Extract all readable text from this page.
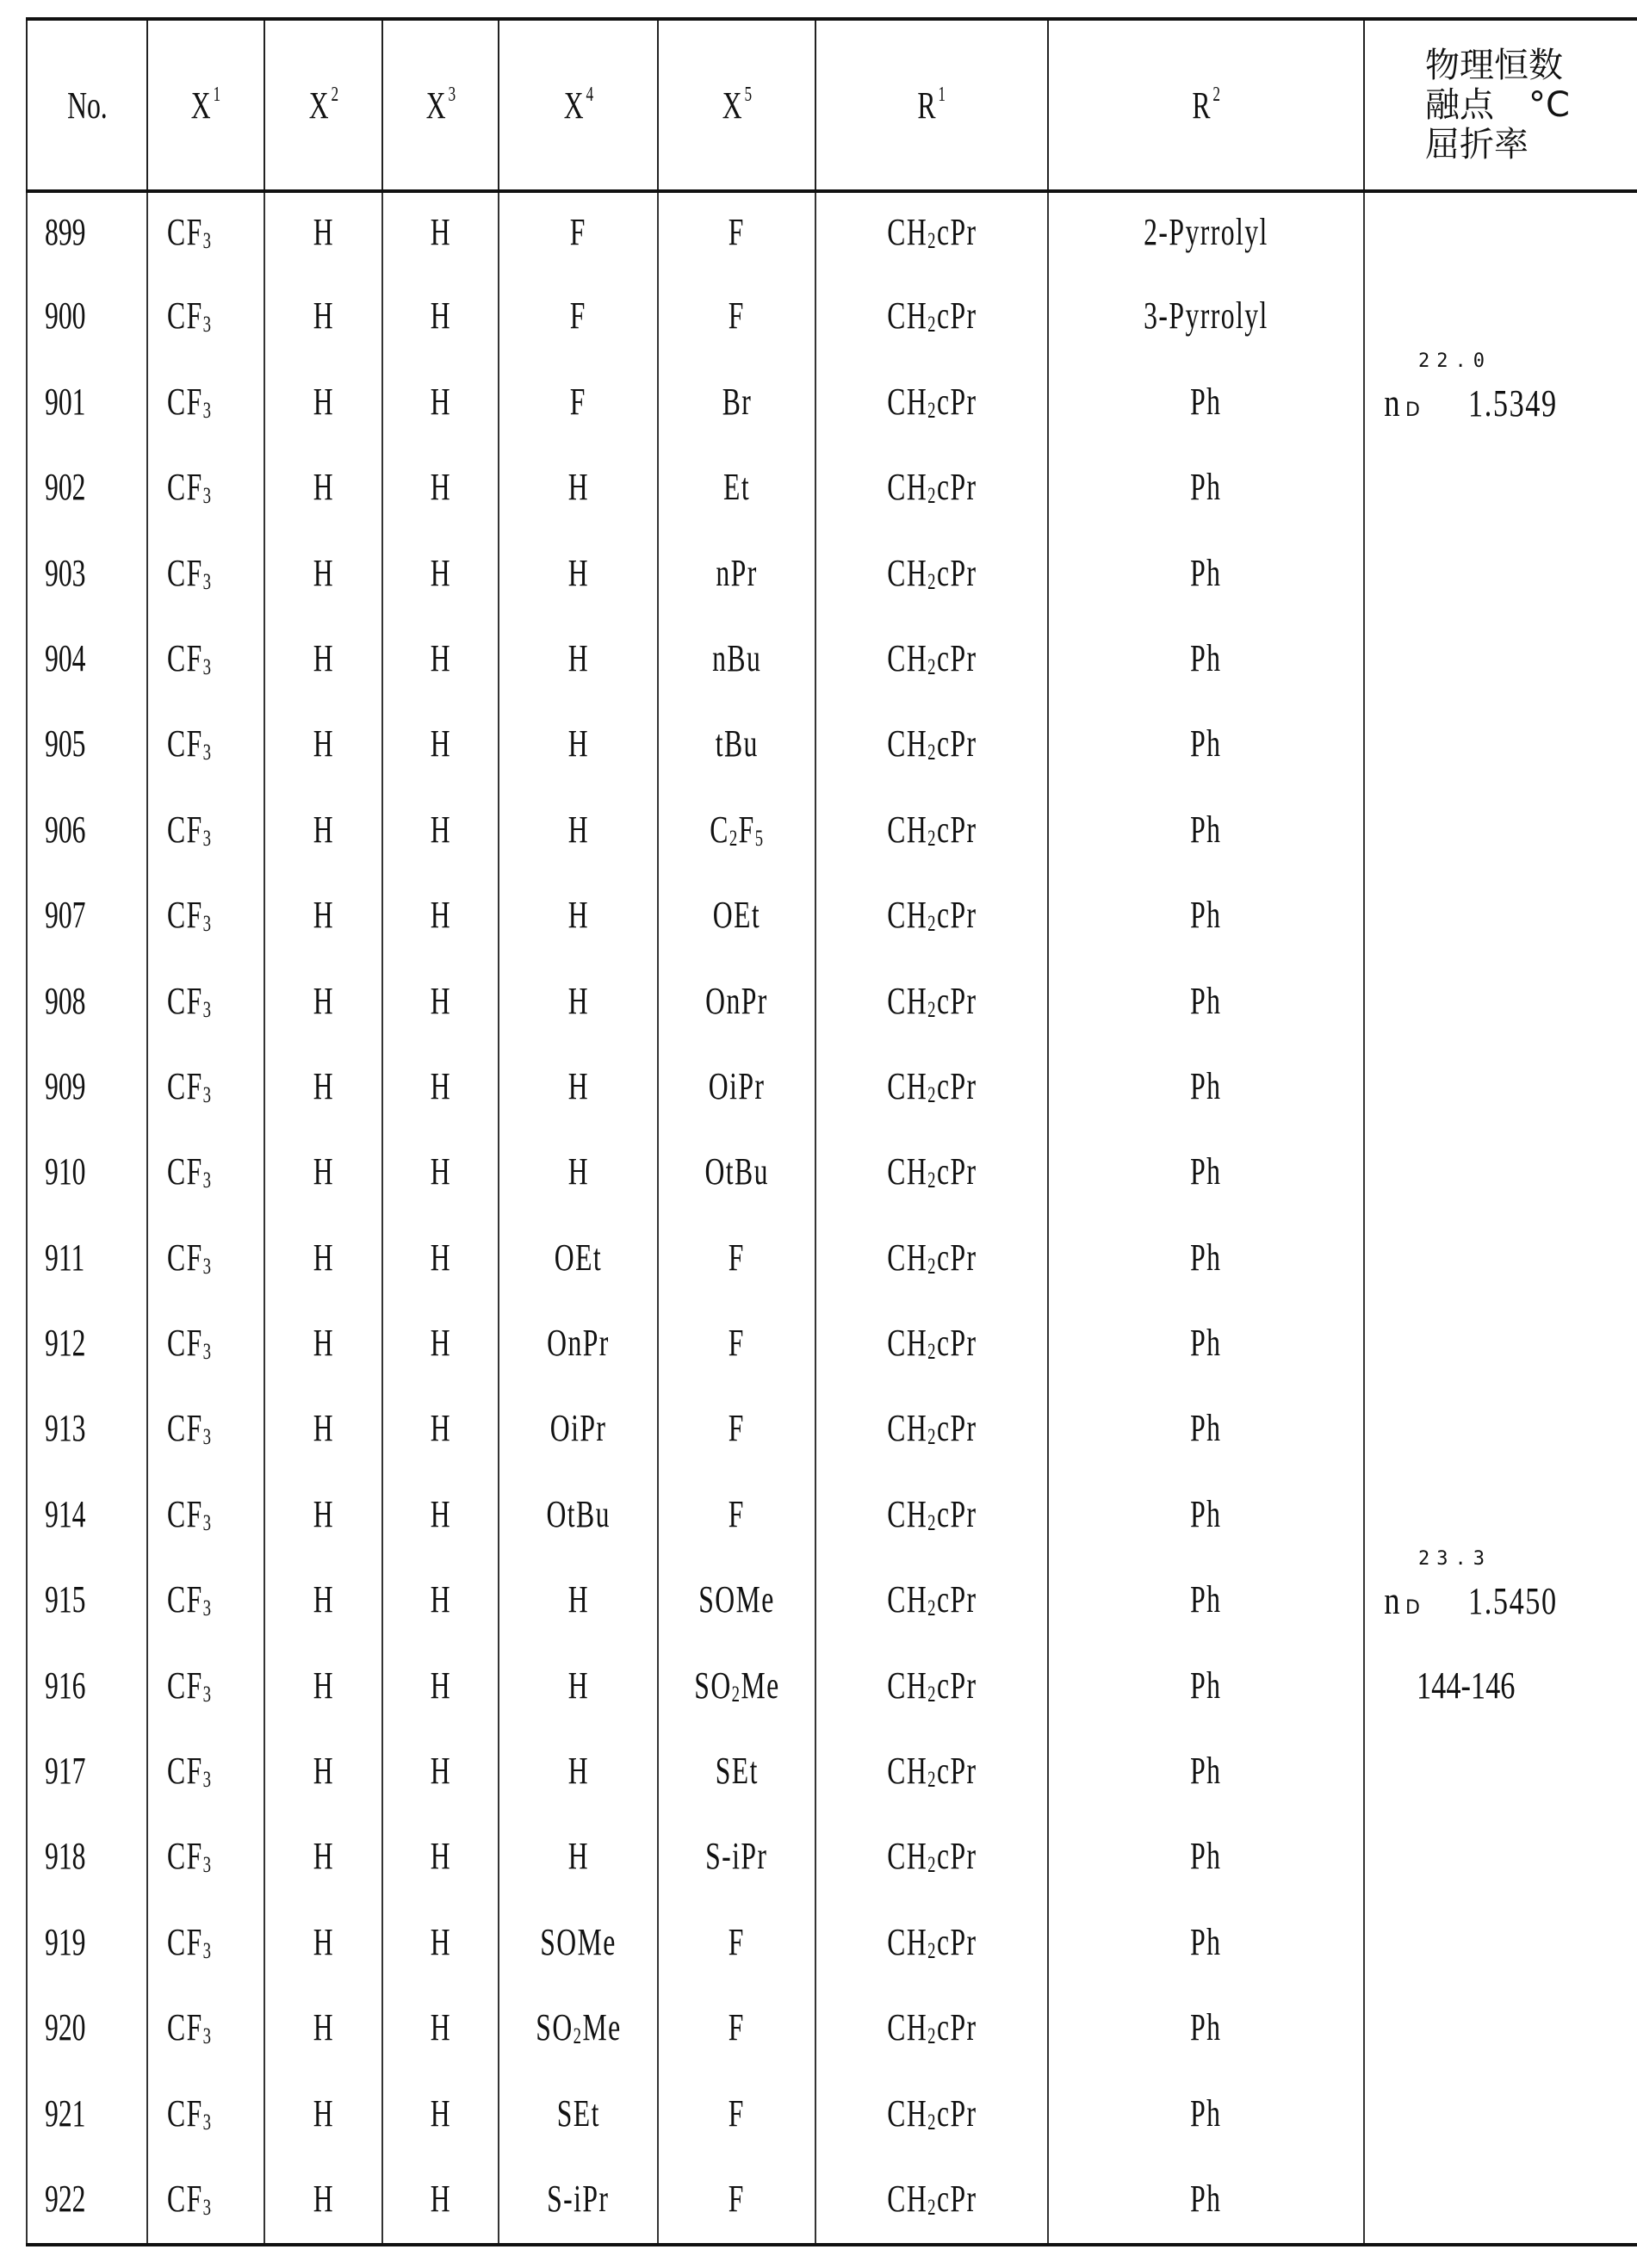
No.	X $^1$	X $^2$	X $^3$	X $^4$	X $^5$	R $^1$	R $^2$	物理恒数
融点　°C
屈折率

899	$CF_3$	H	H	F	F	$CH_2cPr$	2-Pyrrolyl	
900	$CF_3$	H	H	F	F	$CH_2cPr$	3-Pyrrolyl	
901	$CF_3$	H	H	F	Br	$CH_2cPr$	Ph	22.0
n D 1.5349
902	$CF_3$	H	H	H	Et	$CH_2cPr$	Ph	
903	$CF_3$	H	H	H	nPr	$CH_2cPr$	Ph	
904	$CF_3$	H	H	H	nBu	$CH_2cPr$	Ph	
905	$CF_3$	H	H	H	tBu	$CH_2cPr$	Ph	
906	$CF_3$	H	H	H	$C_2F_5$	$CH_2cPr$	Ph	
907	$CF_3$	H	H	H	OEt	$CH_2cPr$	Ph	
908	$CF_3$	H	H	H	OnPr	$CH_2cPr$	Ph	
909	$CF_3$	H	H	H	OiPr	$CH_2cPr$	Ph	
910	$CF_3$	H	H	H	OtBu	$CH_2cPr$	Ph	
911	$CF_3$	H	H	OEt	F	$CH_2cPr$	Ph	
912	$CF_3$	H	H	OnPr	F	$CH_2cPr$	Ph	
913	$CF_3$	H	H	OiPr	F	$CH_2cPr$	Ph	
914	$CF_3$	H	H	OtBu	F	$CH_2cPr$	Ph	
915	$CF_3$	H	H	H	SOMe	$CH_2cPr$	Ph	23.3
n D 1.5450
916	$CF_3$	H	H	H	$SO_2Me$	$CH_2cPr$	Ph	144-146
917	$CF_3$	H	H	H	SEt	$CH_2cPr$	Ph	
918	$CF_3$	H	H	H	S-iPr	$CH_2cPr$	Ph	
919	$CF_3$	H	H	SOMe	F	$CH_2cPr$	Ph	
920	$CF_3$	H	H	$SO_2Me$	F	$CH_2cPr$	Ph	
921	$CF_3$	H	H	SEt	F	$CH_2cPr$	Ph	
922	$CF_3$	H	H	S-iPr	F	$CH_2cPr$	Ph	
